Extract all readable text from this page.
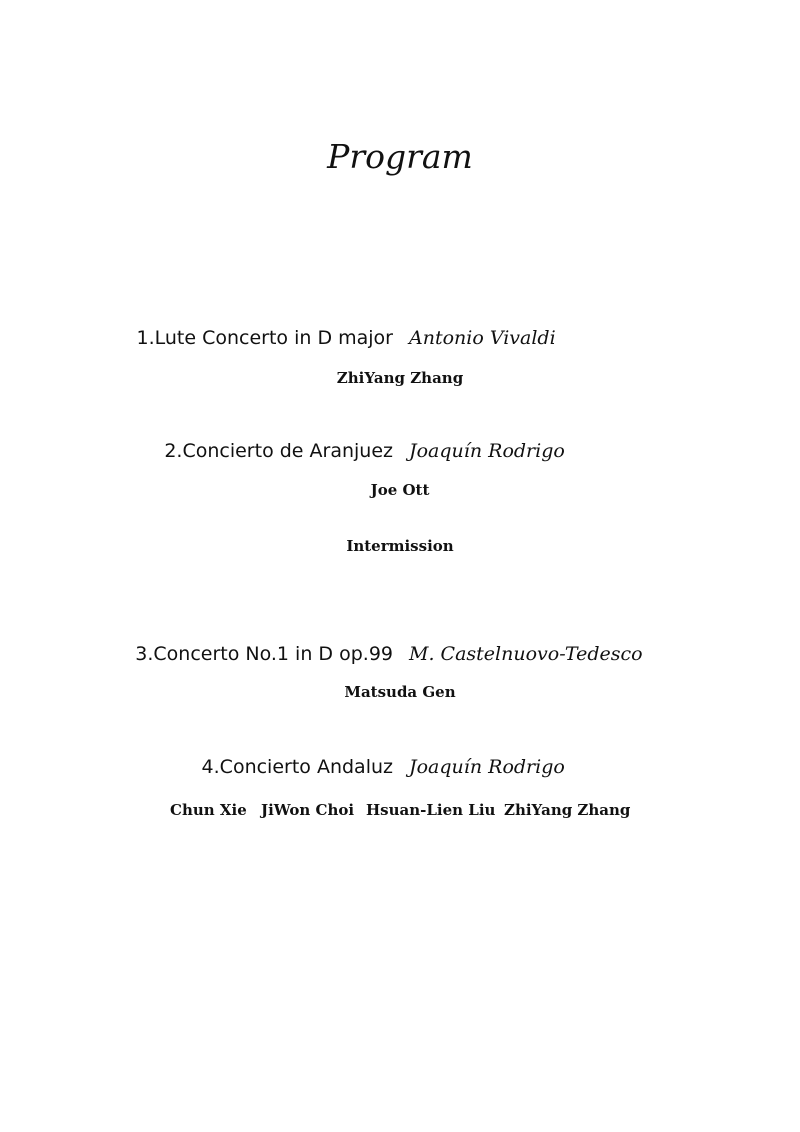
Program
1.Lute Concerto in D major Antonio Vivaldi
ZhiYang Zhang
2.Concierto de Aranjuez Joaquín Rodrigo
Joe Ott
Intermission
3.Concerto No.1 in D op.99 M. Castelnuovo-Tedesco
Matsuda Gen
4.Concierto Andaluz Joaquín Rodrigo
Chun Xie JiWon Choi Hsuan-Lien Liu ZhiYang Zhang
